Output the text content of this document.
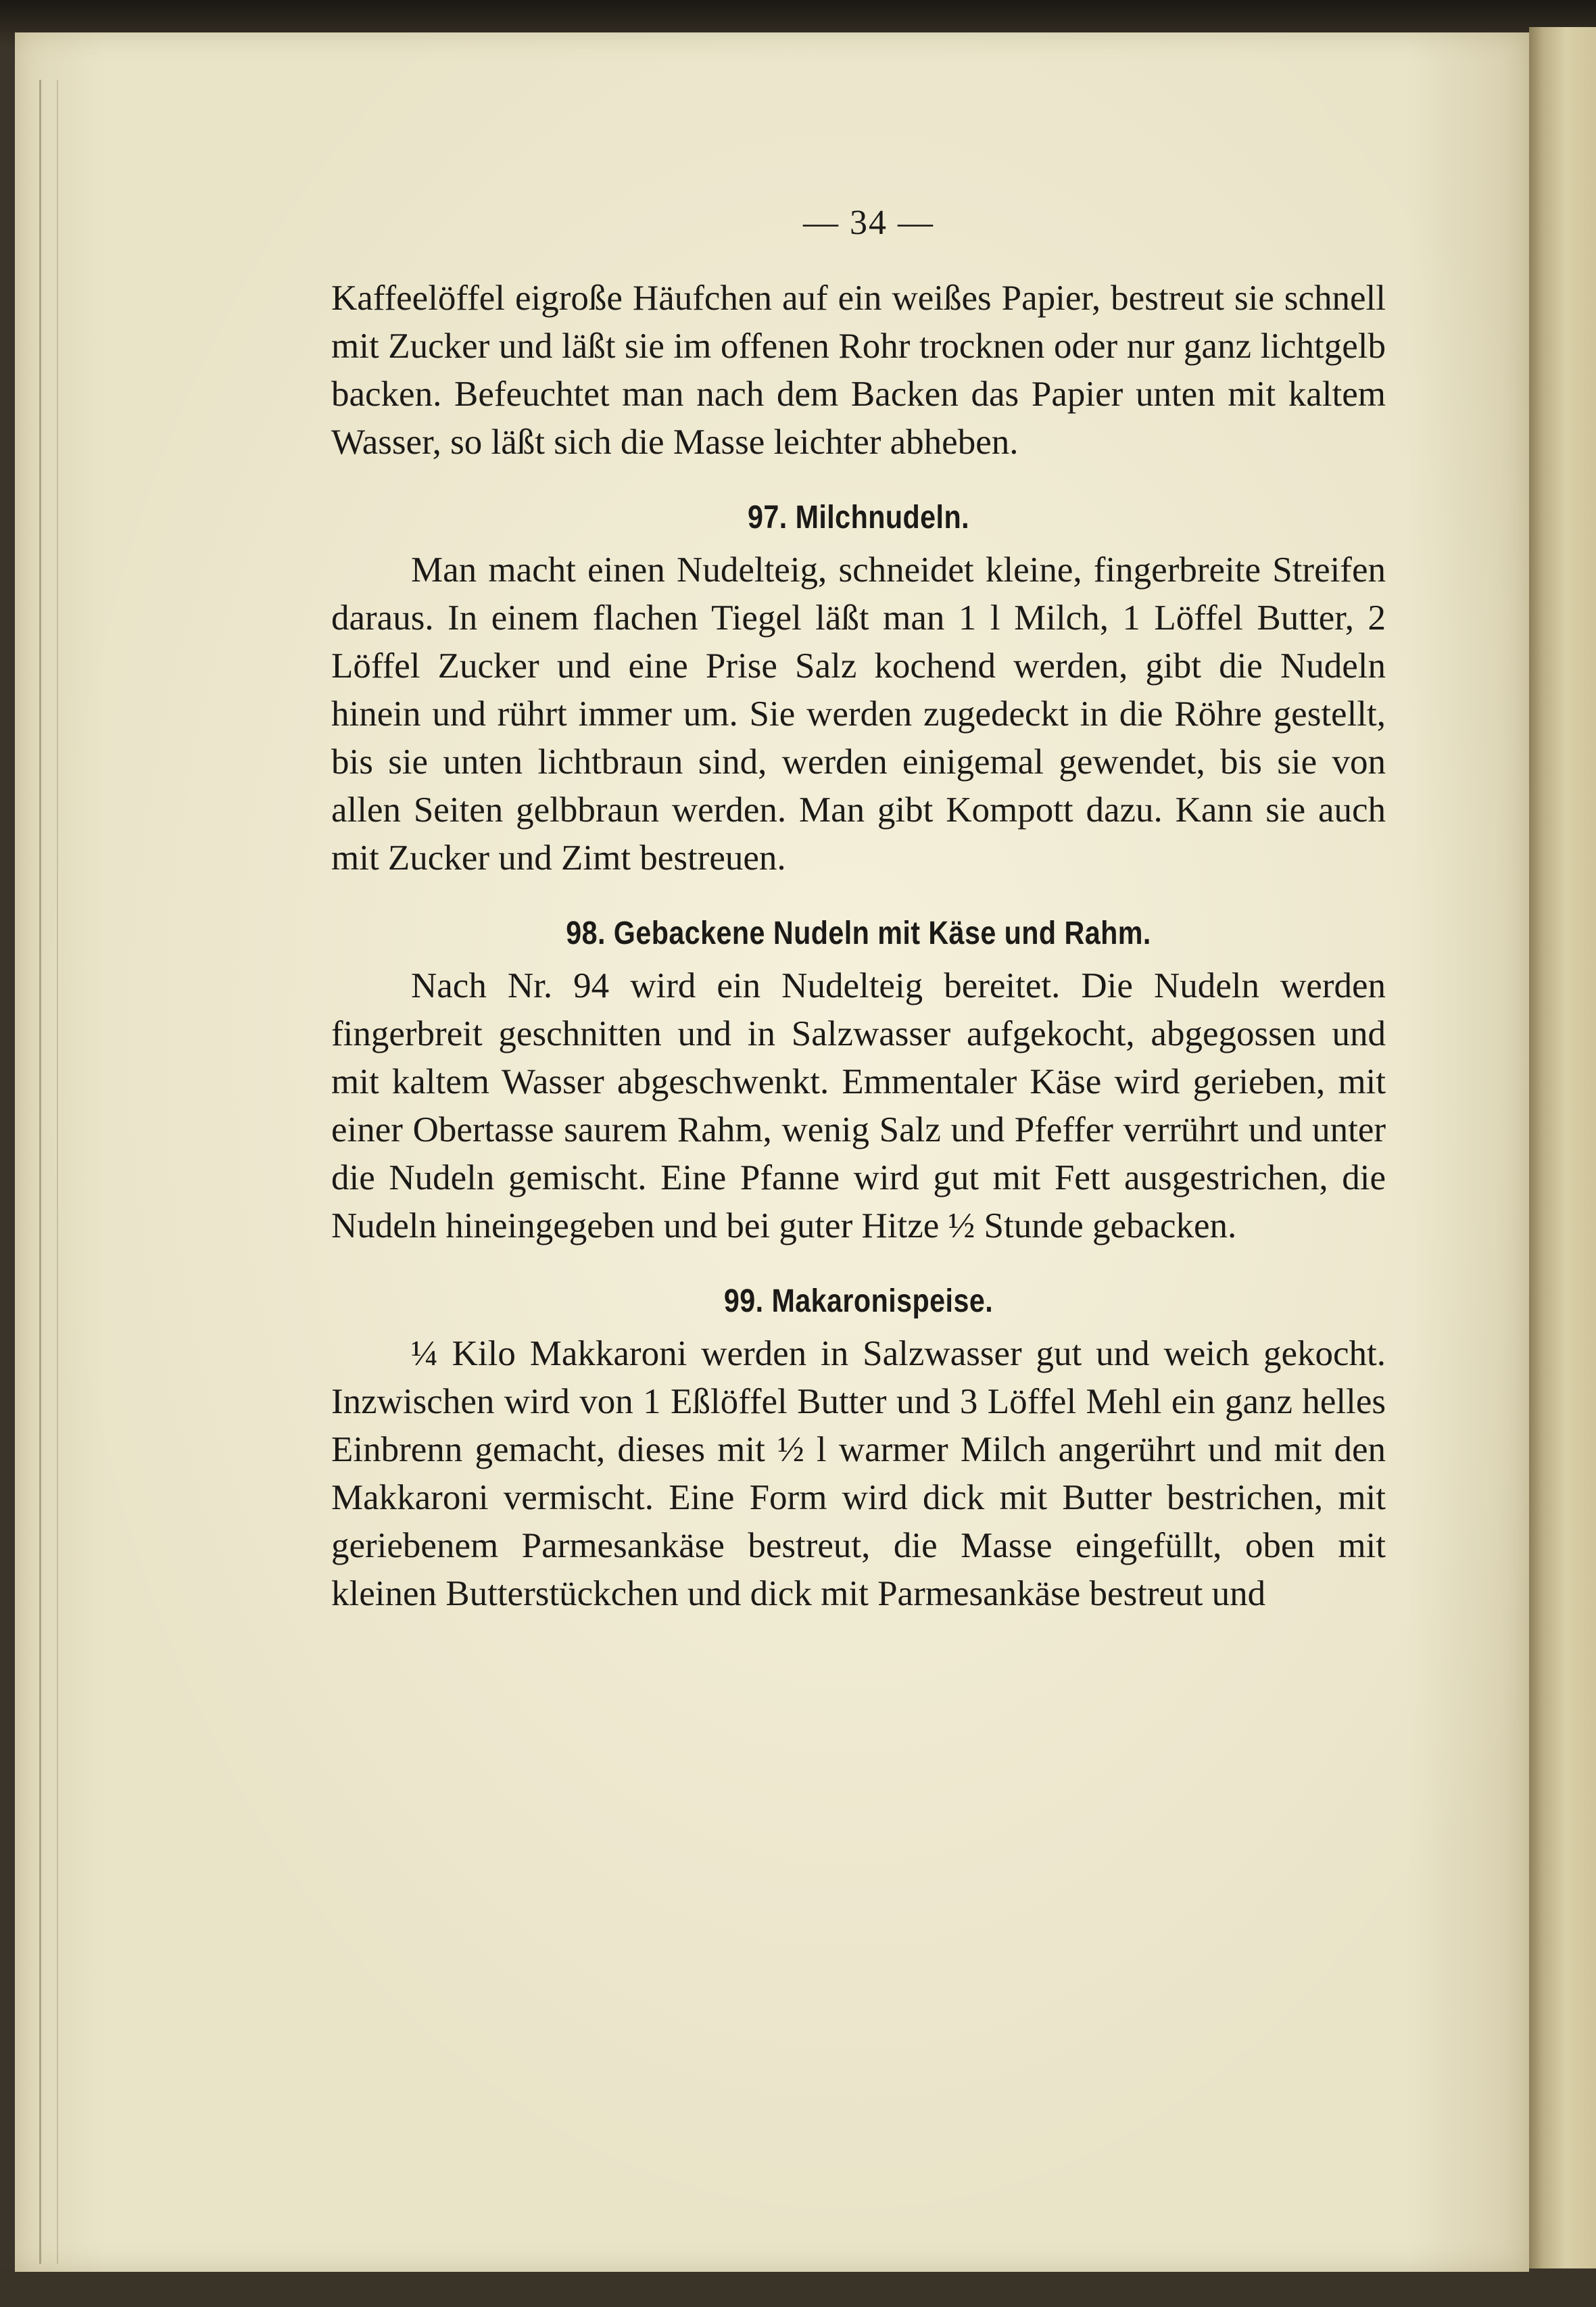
— 34 —

Kaffeelöffel eigroße Häufchen auf ein weißes Papier, bestreut sie schnell mit Zucker und läßt sie im offenen Rohr trocknen oder nur ganz lichtgelb backen. Befeuchtet man nach dem Backen das Papier unten mit kaltem Wasser, so läßt sich die Masse leichter abheben.

97. Milchnudeln.

Man macht einen Nudelteig, schneidet kleine, fingerbreite Streifen daraus. In einem flachen Tiegel läßt man 1 l Milch, 1 Löffel Butter, 2 Löffel Zucker und eine Prise Salz kochend werden, gibt die Nudeln hinein und rührt immer um. Sie werden zugedeckt in die Röhre gestellt, bis sie unten lichtbraun sind, werden einigemal gewendet, bis sie von allen Seiten gelbbraun werden. Man gibt Kompott dazu. Kann sie auch mit Zucker und Zimt bestreuen.

98. Gebackene Nudeln mit Käse und Rahm.

Nach Nr. 94 wird ein Nudelteig bereitet. Die Nudeln werden fingerbreit geschnitten und in Salzwasser aufgekocht, abgegossen und mit kaltem Wasser abgeschwenkt. Emmentaler Käse wird gerieben, mit einer Obertasse saurem Rahm, wenig Salz und Pfeffer verrührt und unter die Nudeln gemischt. Eine Pfanne wird gut mit Fett ausgestrichen, die Nudeln hineingegeben und bei guter Hitze ½ Stunde gebacken.

99. Makaronispeise.

¼ Kilo Makkaroni werden in Salzwasser gut und weich gekocht. Inzwischen wird von 1 Eßlöffel Butter und 3 Löffel Mehl ein ganz helles Einbrenn gemacht, dieses mit ½ l warmer Milch angerührt und mit den Makkaroni vermischt. Eine Form wird dick mit Butter bestrichen, mit geriebenem Parmesankäse bestreut, die Masse eingefüllt, oben mit kleinen Butterstückchen und dick mit Parmesankäse bestreut und
